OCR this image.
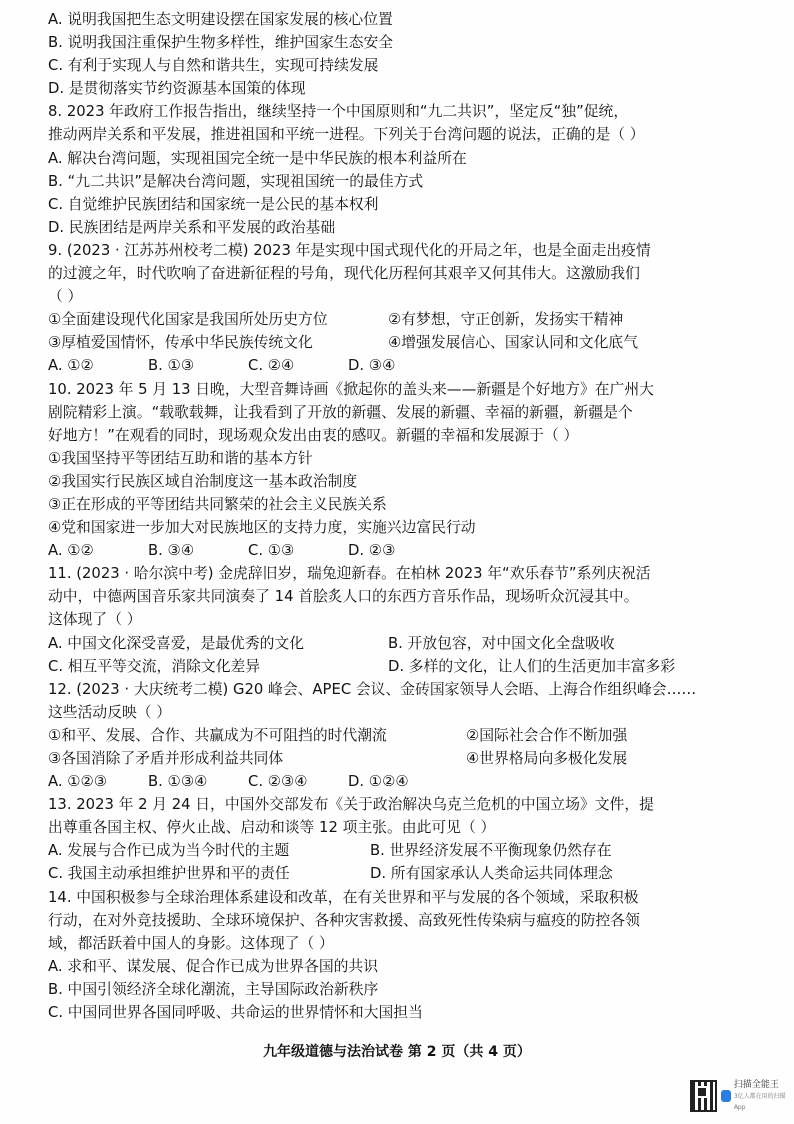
A. 说明我国把生态文明建设摆在国家发展的核心位置
B. 说明我国注重保护生物多样性，维护国家生态安全
C. 有利于实现人与自然和谐共生，实现可持续发展
D. 是贯彻落实节约资源基本国策的体现
8. 2023 年政府工作报告指出，继续坚持一个中国原则和“九二共识”，坚定反“独”促统，
推动两岸关系和平发展，推进祖国和平统一进程。下列关于台湾问题的说法，正确的是（ ）
A. 解决台湾问题，实现祖国完全统一是中华民族的根本利益所在
B. “九二共识”是解决台湾问题，实现祖国统一的最佳方式
C. 自觉维护民族团结和国家统一是公民的基本权利
D. 民族团结是两岸关系和平发展的政治基础
9. (2023 · 江苏苏州校考二模) 2023 年是实现中国式现代化的开局之年，也是全面走出疫情
的过渡之年，时代吹响了奋进新征程的号角，现代化历程何其艰辛又何其伟大。这激励我们
（ ）
①全面建设现代化国家是我国所处历史方位	②有梦想，守正创新，发扬实干精神
③厚植爱国情怀，传承中华民族传统文化	④增强发展信心、国家认同和文化底气
A. ①②	B. ①③	C. ②④	D. ③④
10. 2023 年 5 月 13 日晚，大型音舞诗画《掀起你的盖头来——新疆是个好地方》在广州大
剧院精彩上演。“载歌载舞，让我看到了开放的新疆、发展的新疆、幸福的新疆，新疆是个
好地方！”在观看的同时，现场观众发出由衷的感叹。新疆的幸福和发展源于（ ）
①我国坚持平等团结互助和谐的基本方针
②我国实行民族区域自治制度这一基本政治制度
③正在形成的平等团结共同繁荣的社会主义民族关系
④党和国家进一步加大对民族地区的支持力度，实施兴边富民行动
A. ①②	B. ③④	C. ①③	D. ②③
11. (2023 · 哈尔滨中考) 金虎辞旧岁，瑞兔迎新春。在柏林 2023 年“欢乐春节”系列庆祝活
动中，中德两国音乐家共同演奏了 14 首脍炙人口的东西方音乐作品，现场听众沉浸其中。
这体现了（ ）
A. 中国文化深受喜爱，是最优秀的文化	B. 开放包容，对中国文化全盘吸收
C. 相互平等交流，消除文化差异	D. 多样的文化，让人们的生活更加丰富多彩
12. (2023 · 大庆统考二模) G20 峰会、APEC 会议、金砖国家领导人会晤、上海合作组织峰会……
这些活动反映（ ）
①和平、发展、合作、共赢成为不可阻挡的时代潮流	②国际社会合作不断加强
③各国消除了矛盾并形成利益共同体	④世界格局向多极化发展
A. ①②③	B. ①③④	C. ②③④	D. ①②④
13. 2023 年 2 月 24 日，中国外交部发布《关于政治解决乌克兰危机的中国立场》文件，提
出尊重各国主权、停火止战、启动和谈等 12 项主张。由此可见（ ）
A. 发展与合作已成为当今时代的主题	B. 世界经济发展不平衡现象仍然存在
C. 我国主动承担维护世界和平的责任	D. 所有国家承认人类命运共同体理念
14. 中国积极参与全球治理体系建设和改革，在有关世界和平与发展的各个领域，采取积极
行动，在对外竞技援助、全球环境保护、各种灾害救援、高致死性传染病与瘟疫的防控各领
域，都活跃着中国人的身影。这体现了（ ）
A. 求和平、谋发展、促合作已成为世界各国的共识
B. 中国引领经济全球化潮流，主导国际政治新秩序
C. 中国同世界各国同呼吸、共命运的世界情怀和大国担当
九年级道德与法治试卷 第 2 页（共 4 页）
扫描全能王
3亿人都在用的扫描App
